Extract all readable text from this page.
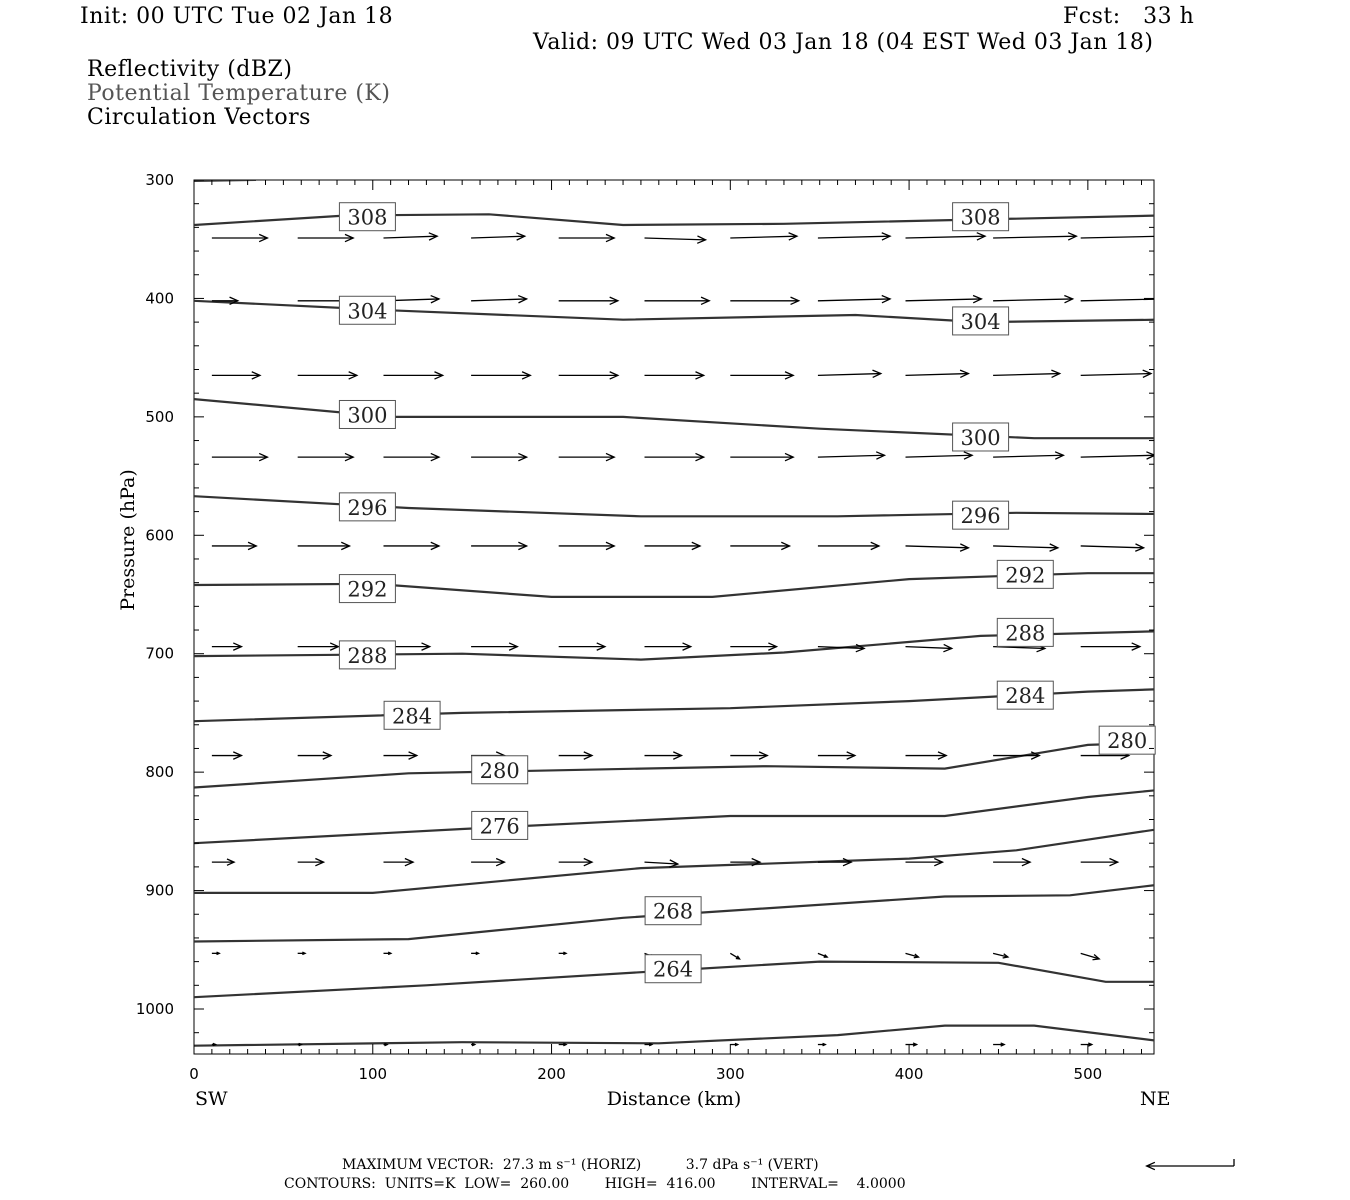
Init: 00 UTC Tue 02 Jan 18	Fcst:   33 h
Valid: 09 UTC Wed 03 Jan 18 (04 EST Wed 03 Jan 18)
Reflectivity (dBZ)
Potential Temperature (K)
Circulation Vectors
308	308
304	304
300
300
296	296
292
292
288
288
284
284
280
280
276
268
264
300
400
500
600
700
800
900
1000
0	100	200	300	400	500
Distance (km)
Pressure (hPa)
SW	NE
MAXIMUM VECTOR:  27.3 m s⁻¹ (HORIZ)          3.7 dPa s⁻¹ (VERT)
CONTOURS:  UNITS=K  LOW=  260.00        HIGH=  416.00        INTERVAL=    4.0000
